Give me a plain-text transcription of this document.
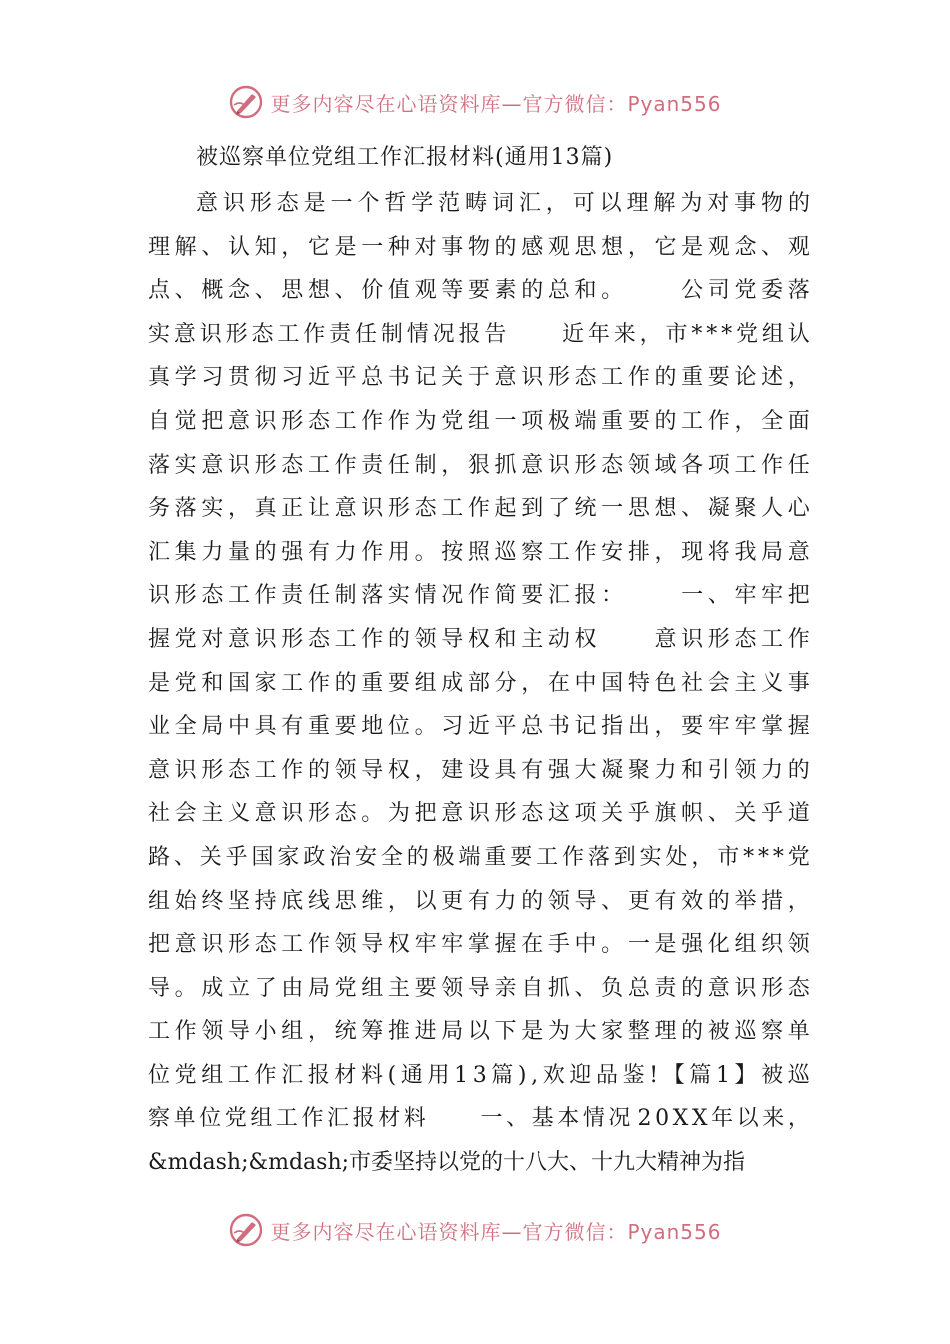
更多内容尽在心语资料库—官方微信：Pyan556
被巡察单位党组工作汇报材料(通用13篇)
意 识 形 态 是 一 个 哲 学 范 畴 词 汇 ， 可 以 理 解 为 对 事 物 的
理 解 、 认 知 ， 它 是 一 种 对 事 物 的 感 观 思 想 ， 它 是 观 念 、 观
点 、 概 念 、 思 想 、 价 值 观 等 要 素 的 总 和 。

　	公 司 党 委 落
实 意 识 形 态 工 作 责 任 制 情 况 报 告

　	近 年 来 ， 市 * * * 党 组 认
真 学 习 贯 彻 习 近 平 总 书 记 关 于 意 识 形 态 工 作 的 重 要 论 述 ，
自 觉 把 意 识 形 态 工 作 作 为 党 组 一 项 极 端 重 要 的 工 作 ， 全 面
落 实 意 识 形 态 工 作 责 任 制 ， 狠 抓 意 识 形 态 领 域 各 项 工 作 任
务 落 实 ， 真 正 让 意 识 形 态 工 作 起 到 了 统 一 思 想 、 凝 聚 人 心
汇 集 力 量 的 强 有 力 作 用 。 按 照 巡 察 工 作 安 排 ， 现 将 我 局 意
识 形 态 工 作 责 任 制 落 实 情 况 作 简 要 汇 报 ：

　	一 、 牢 牢 把
握 党 对 意 识 形 态 工 作 的 领 导 权 和 主 动 权

　	意 识 形 态 工 作
是 党 和 国 家 工 作 的 重 要 组 成 部 分 ， 在 中 国 特 色 社 会 主 义 事
业 全 局 中 具 有 重 要 地 位 。 习 近 平 总 书 记 指 出 ， 要 牢 牢 掌 握
意 识 形 态 工 作 的 领 导 权 ， 建 设 具 有 强 大 凝 聚 力 和 引 领 力 的
社 会 主 义 意 识 形 态 。 为 把 意 识 形 态 这 项 关 乎 旗 帜 、 关 乎 道
路 、 关 乎 国 家 政 治 安 全 的 极 端 重 要 工 作 落 到 实 处 ， 市 * * * 党
组 始 终 坚 持 底 线 思 维 ， 以 更 有 力 的 领 导 、 更 有 效 的 举 措 ，
把 意 识 形 态 工 作 领 导 权 牢 牢 掌 握 在 手 中 。 一 是 强 化 组 织 领
导 。 成 立 了 由 局 党 组 主 要 领 导 亲 自 抓 、 负 总 责 的 意 识 形 态
工 作 领 导 小 组 ， 统 筹 推 进 局 以 下 是 为 大 家 整 理 的 被 巡 察 单
位 党 组 工 作 汇 报 材 料 ( 通 用 1 3 篇 ) , 欢 迎 品 鉴 ! 【 篇 1 】 被 巡
察 单 位 党 组 工 作 汇 报 材 料

　 一 、 基 本 情 况 2 0 X X 年 以 来 ，
&mdash;&mdash;市委坚持以党的十八大、十九大精神为指
更多内容尽在心语资料库—官方微信：Pyan556
